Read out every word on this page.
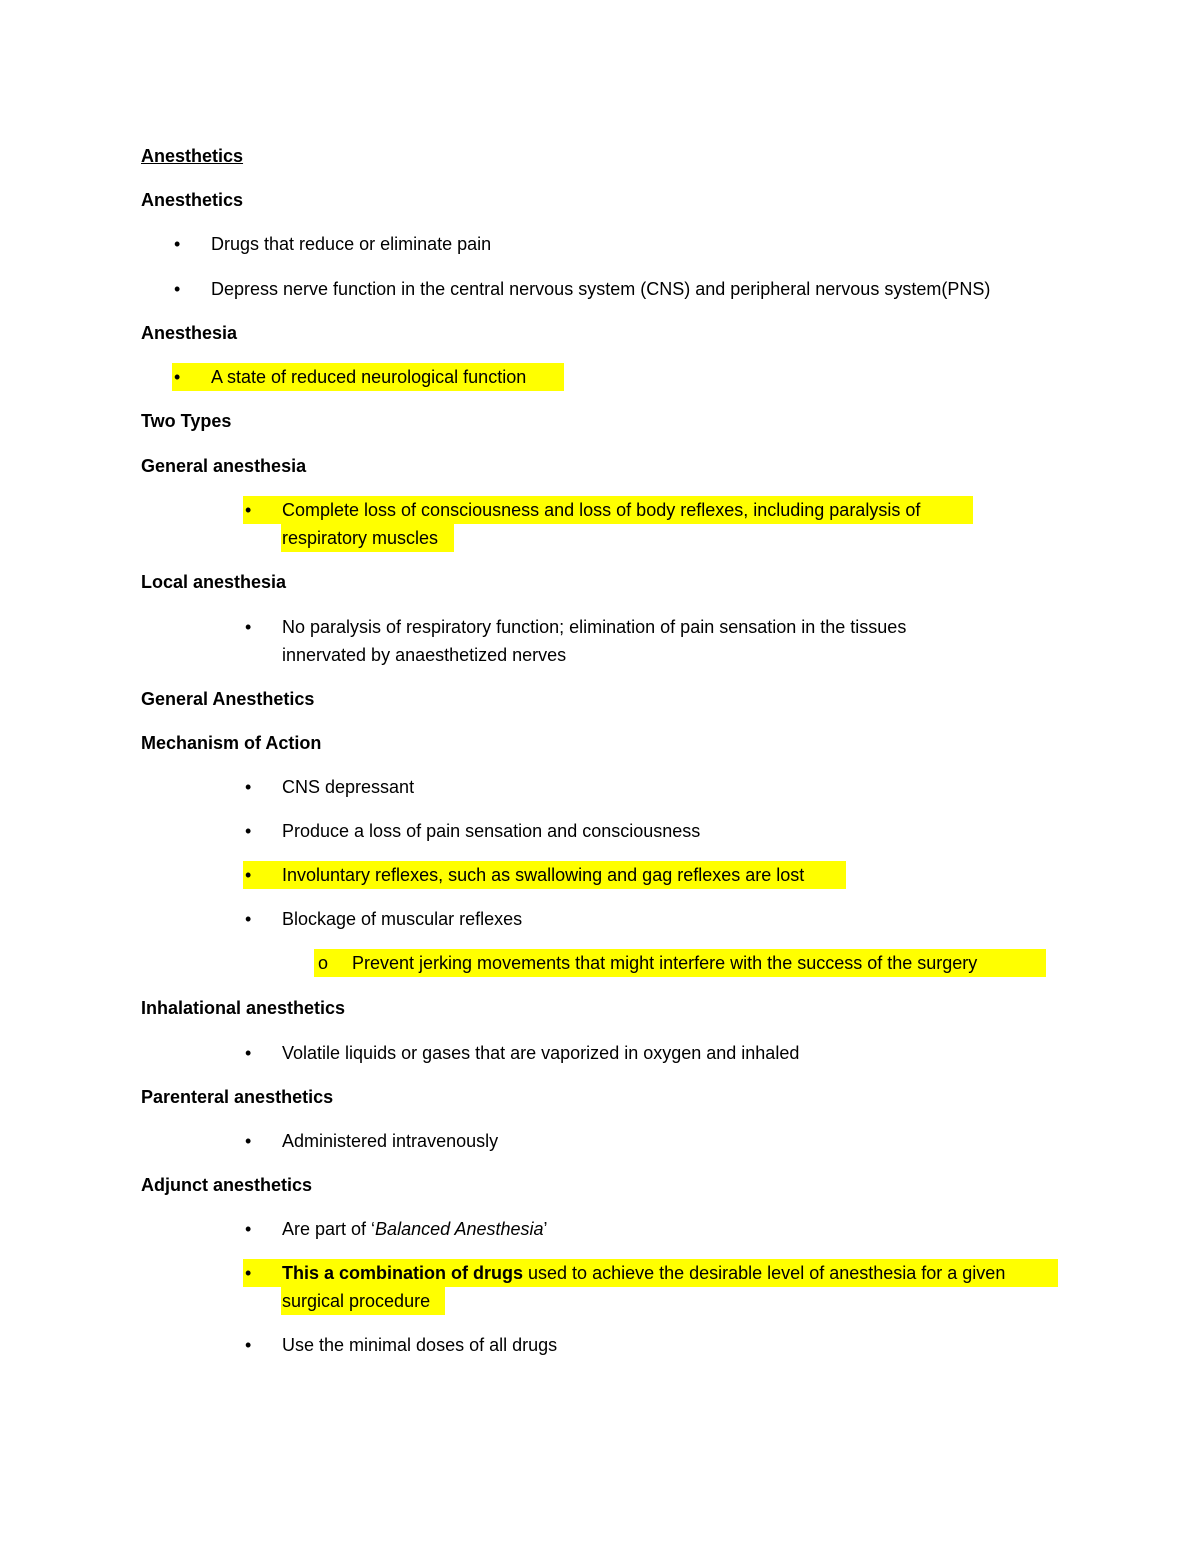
Anesthetics
Anesthetics
• Drugs that reduce or eliminate pain
• Depress nerve function in the central nervous system (CNS) and peripheral nervous system(PNS)
Anesthesia
• A state of reduced neurological function
Two Types
General anesthesia
• Complete loss of consciousness and loss of body reflexes, including paralysis of
respiratory muscles
Local anesthesia
• No paralysis of respiratory function; elimination of pain sensation in the tissues
innervated by anaesthetized nerves
General Anesthetics
Mechanism of Action
• CNS depressant
• Produce a loss of pain sensation and consciousness
• Involuntary reflexes, such as swallowing and gag reflexes are lost
• Blockage of muscular reflexes
o Prevent jerking movements that might interfere with the success of the surgery
Inhalational anesthetics
• Volatile liquids or gases that are vaporized in oxygen and inhaled
Parenteral anesthetics
• Administered intravenously
Adjunct anesthetics
• Are part of ‘Balanced Anesthesia’
• This a combination of drugs used to achieve the desirable level of anesthesia for a given
surgical procedure
• Use the minimal doses of all drugs
